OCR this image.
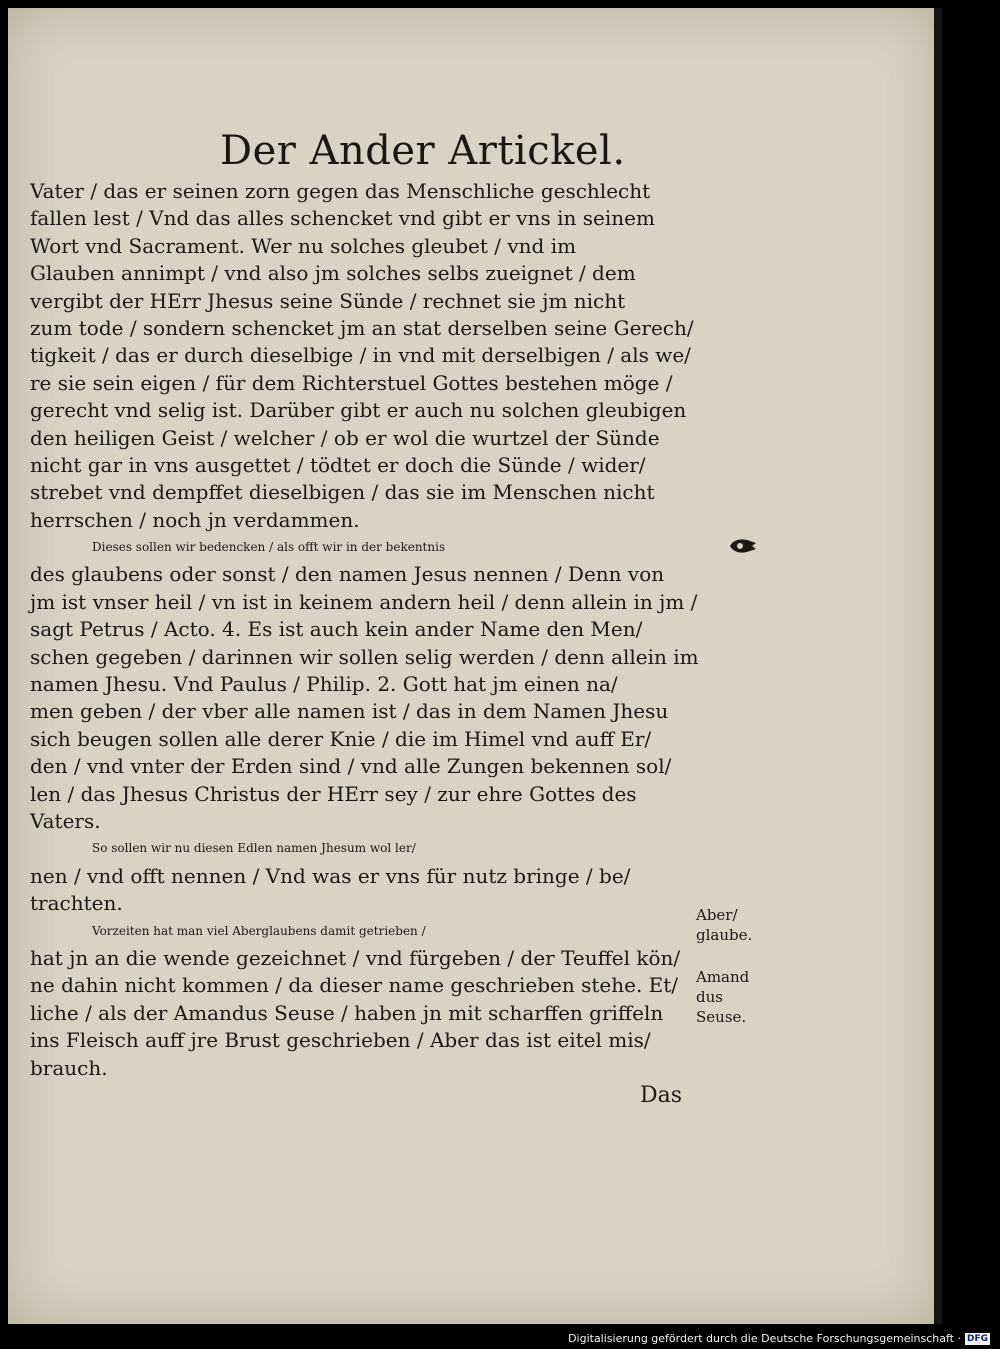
Der Ander Artickel.
Vater / das er seinen zorn gegen das Menschliche geschlecht
fallen lest / Vnd das alles schencket vnd gibt er vns in seinem
Wort vnd Sacrament. Wer nu solches gleubet / vnd im
Glauben annimpt / vnd also jm solches selbs zueignet / dem
vergibt der HErr Jhesus seine Sünde / rechnet sie jm nicht
zum tode / sondern schencket jm an stat derselben seine Gerech/
tigkeit / das er durch dieselbige / in vnd mit derselbigen / als we/
re sie sein eigen / für dem Richterstuel Gottes bestehen möge /
gerecht vnd selig ist. Darüber gibt er auch nu solchen gleubigen
den heiligen Geist / welcher / ob er wol die wurtzel der Sünde
nicht gar in vns ausgettet / tödtet er doch die Sünde / wider/
strebet vnd dempffet dieselbigen / das sie im Menschen nicht
herrschen / noch jn verdammen.
Dieses sollen wir bedencken / als offt wir in der bekentnis
des glaubens oder sonst / den namen Jesus nennen / Denn von
jm ist vnser heil / vn ist in keinem andern heil / denn allein in jm /
sagt Petrus / Acto. 4. Es ist auch kein ander Name den Men/
schen gegeben / darinnen wir sollen selig werden / denn allein im
namen Jhesu. Vnd Paulus / Philip. 2. Gott hat jm einen na/
men geben / der vber alle namen ist / das in dem Namen Jhesu
sich beugen sollen alle derer Knie / die im Himel vnd auff Er/
den / vnd vnter der Erden sind / vnd alle Zungen bekennen sol/
len / das Jhesus Christus der HErr sey / zur ehre Gottes des
Vaters.
So sollen wir nu diesen Edlen namen Jhesum wol ler/
nen / vnd offt nennen / Vnd was er vns für nutz bringe / be/
trachten.
Vorzeiten hat man viel Aberglaubens damit getrieben /
hat jn an die wende gezeichnet / vnd fürgeben / der Teuffel kön/
ne dahin nicht kommen / da dieser name geschrieben stehe. Et/
liche / als der Amandus Seuse / haben jn mit scharffen griffeln
ins Fleisch auff jre Brust geschrieben / Aber das ist eitel mis/
brauch.
Aber/
glaube.
Amand
dus
Seuse.
Das
Digitalisierung gefördert durch die Deutsche Forschungsgemeinschaft · DFG
